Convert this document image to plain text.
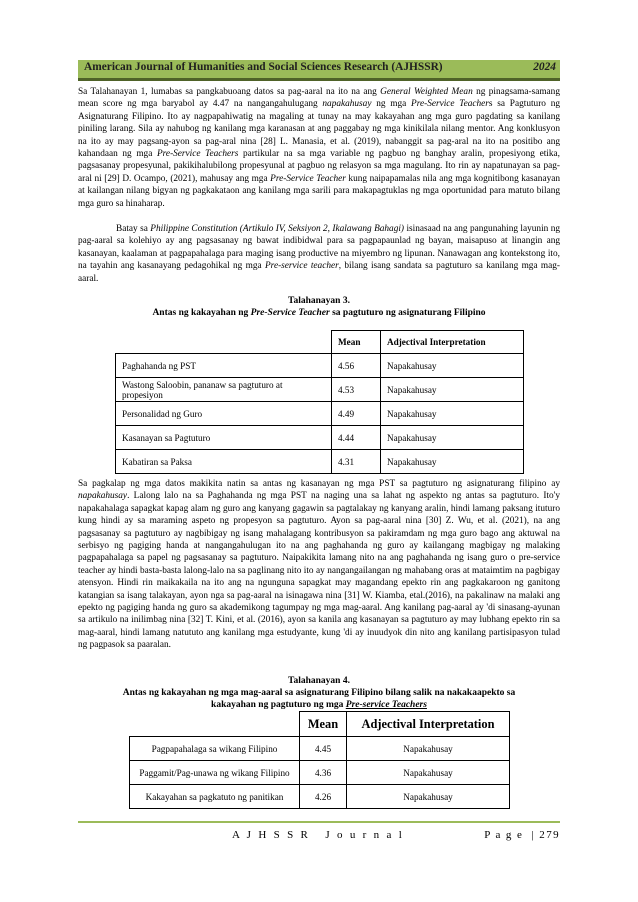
American Journal of Humanities and Social Sciences Research (AJHSSR)	2024

Sa Talahanayan 1, lumabas sa pangkabuoang datos sa pag-aaral na ito na ang General Weighted Mean ng pinagsama-samang mean score ng mga baryabol ay 4.47 na nangangahulugang napakahusay ng mga Pre-Service Teachers sa Pagtuturo ng Asignaturang Filipino. Ito ay nagpapahiwatig na magaling at tunay na may kakayahan ang mga guro pagdating sa kanilang piniling larang. Sila ay nahubog ng kanilang mga karanasan at ang paggabay ng mga kinikilala nilang mentor. Ang konklusyon na ito ay may pagsang-ayon sa pag-aral nina [28] L. Manasia, et al. (2019), nabanggit sa pag-aral na ito na positibo ang kahandaan ng mga Pre-Service Teachers partikular na sa mga variable ng pagbuo ng banghay aralin, propesiyong etika, pagsasanay propesyunal, pakikihalubilong propesyunal at pagbuo ng relasyon sa mga magulang. Ito rin ay napatunayan sa pag-aral ni [29] D. Ocampo, (2021), mahusay ang mga Pre-Service Teacher kung naipapamalas nila ang mga kognitibong kasanayan at kailangan nilang bigyan ng pagkakataon ang kanilang mga sarili para makapagtuklas ng mga oportunidad para matuto bilang mga guro sa hinaharap.

Batay sa Philippine Constitution (Artikulo IV, Seksiyon 2, Ikalawang Bahagi) isinasaad na ang pangunahing layunin ng pag-aaral sa kolehiyo ay ang pagsasanay ng bawat indibidwal para sa pagpapaunlad ng bayan, maisapuso at linangin ang kasanayan, kaalaman at pagpapahalaga para maging isang productive na miyembro ng lipunan. Nanawagan ang kontekstong ito, na tayahin ang kasanayang pedagohikal ng mga Pre-service teacher, bilang isang sandata sa pagtuturo sa kanilang mga mag-aaral.

Talahanayan 3.
Antas ng kakayahan ng Pre-Service Teacher sa pagtuturo ng asignaturang Filipino
	Mean	Adjectival Interpretation
Paghahanda ng PST	4.56	Napakahusay
Wastong Saloobin, pananaw sa pagtuturo at propesiyon	4.53	Napakahusay
Personalidad ng Guro	4.49	Napakahusay
Kasanayan sa Pagtuturo	4.44	Napakahusay
Kabatiran sa Paksa	4.31	Napakahusay

Sa pagkalap ng mga datos makikita natin sa antas ng kasanayan ng mga PST sa pagtuturo ng asignaturang filipino ay napakahusay. Lalong lalo na sa Paghahanda ng mga PST na naging una sa lahat ng aspekto ng antas sa pagtuturo. Ito'y napakahalaga sapagkat kapag alam ng guro ang kanyang gagawin sa pagtalakay ng kanyang aralin, hindi lamang paksang ituturo kung hindi ay sa maraming aspeto ng propesyon sa pagtuturo. Ayon sa pag-aaral nina [30] Z. Wu, et al. (2021), na ang pagsasanay sa pagtuturo ay nagbibigay ng isang mahalagang kontribusyon sa pakiramdam ng mga guro bago ang aktuwal na serbisyo ng pagiging handa at nangangahulugan ito na ang paghahanda ng guro ay kailangang magbigay ng malaking pagpapahalaga sa papel ng pagsasanay sa pagtuturo. Naipakikita lamang nito na ang paghahanda ng isang guro o pre-service teacher ay hindi basta-basta lalong-lalo na sa paglinang nito ito ay nangangailangan ng mahabang oras at mataimtim na pagbigay atensyon. Hindi rin maikakaila na ito ang na ngunguna sapagkat may magandang epekto rin ang pagkakaroon ng ganitong katangian sa isang talakayan, ayon nga sa pag-aaral na isinagawa nina [31] W. Kiamba, etal.(2016), na pakalinaw na malaki ang epekto ng pagiging handa ng guro sa akademikong tagumpay ng mga mag-aaral. Ang kanilang pag-aaral ay 'di sinasang-ayunan sa artikulo na inilimbag nina [32] T. Kini, et al. (2016), ayon sa kanila ang kasanayan sa pagtuturo ay may lubhang epekto rin sa mag-aaral, hindi lamang natututo ang kanilang mga estudyante, kung 'di ay inuudyok din nito ang kanilang partisipasyon tulad ng pagpasok sa paaralan.

Talahanayan 4.
Antas ng kakayahan ng mga mag-aaral sa asignaturang Filipino bilang salik na nakakaapekto sa
kakayahan ng pagtuturo ng mga Pre-service Teachers
	Mean	Adjectival Interpretation
Pagpapahalaga sa wikang Filipino	4.45	Napakahusay
Paggamit/Pag-unawa ng wikang Filipino	4.36	Napakahusay
Kakayahan sa pagkatuto ng panitikan	4.26	Napakahusay
A J H S S R   J o u r n a l	P a g e  | 279
